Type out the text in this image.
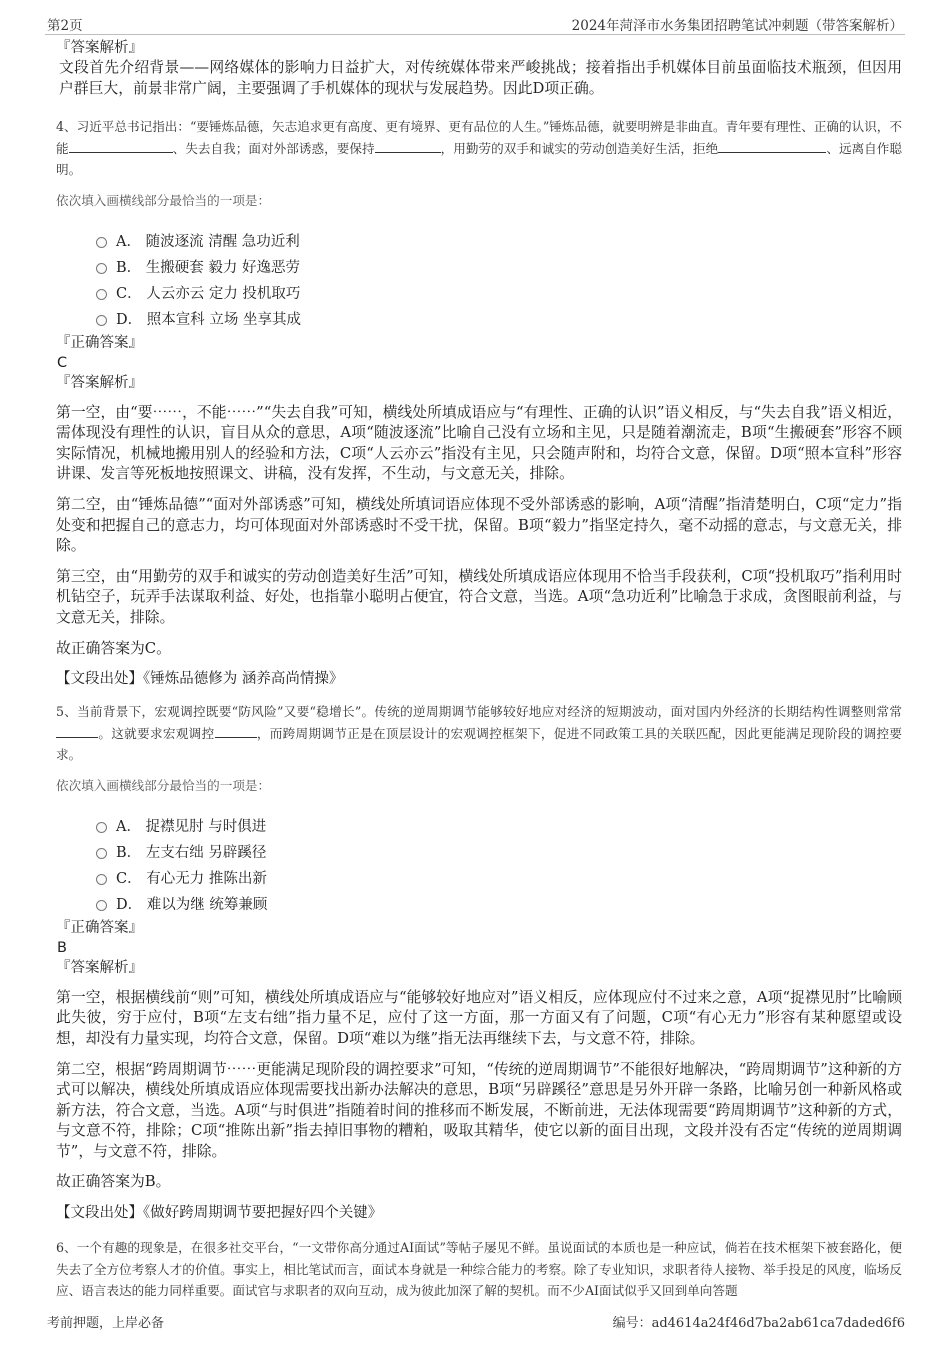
第2页	2024年菏泽市水务集团招聘笔试冲刺题（带答案解析）
『答案解析』

文段首先介绍背景——网络媒体的影响力日益扩大，对传统媒体带来严峻挑战；接着指出手机媒体目前虽面临技术瓶颈，但因用户群巨大，前景非常广阔，主要强调了手机媒体的现状与发展趋势。因此D项正确。

4、习近平总书记指出：“要锤炼品德，矢志追求更有高度、更有境界、更有品位的人生。”锤炼品德，就要明辨是非曲直。青年要有理性、正确的认识，不能	、失去自我；面对外部诱惑，要保持	，用勤劳的双手和诚实的劳动创造美好生活，拒绝	、远离自作聪明。

依次填入画横线部分最恰当的一项是：

A． 随波逐流 清醒 急功近利
B． 生搬硬套 毅力 好逸恶劳
C． 人云亦云 定力 投机取巧
D． 照本宣科 立场 坐享其成
『正确答案』
C
『答案解析』

第一空，由“要⋯⋯，不能⋯⋯”“失去自我”可知，横线处所填成语应与“有理性、正确的认识”语义相反，与“失去自我”语义相近，需体现没有理性的认识，盲目从众的意思，A项“随波逐流”比喻自己没有立场和主见，只是随着潮流走，B项“生搬硬套”形容不顾实际情况，机械地搬用别人的经验和方法，C项“人云亦云”指没有主见，只会随声附和，均符合文意，保留。D项“照本宣科”形容讲课、发言等死板地按照课文、讲稿，没有发挥，不生动，与文意无关，排除。

第二空，由“锤炼品德”“面对外部诱惑”可知，横线处所填词语应体现不受外部诱惑的影响，A项“清醒”指清楚明白，C项“定力”指处变和把握自己的意志力，均可体现面对外部诱惑时不受干扰，保留。B项“毅力”指坚定持久，毫不动摇的意志，与文意无关，排除。

第三空，由“用勤劳的双手和诚实的劳动创造美好生活”可知，横线处所填成语应体现用不恰当手段获利，C项“投机取巧”指利用时机钻空子，玩弄手法谋取利益、好处，也指靠小聪明占便宜，符合文意，当选。A项“急功近利”比喻急于求成，贪图眼前利益，与文意无关，排除。

故正确答案为C。

【文段出处】《锤炼品德修为 涵养高尚情操》

5、当前背景下，宏观调控既要“防风险”又要“稳增长”。传统的逆周期调节能够较好地应对经济的短期波动，面对国内外经济的长期结构性调整则常常。这就要求宏观调控	，而跨周期调节正是在顶层设计的宏观调控框架下，促进不同政策工具的关联匹配，因此更能满足现阶段的调控要求。

依次填入画横线部分最恰当的一项是：

A． 捉襟见肘 与时俱进
B． 左支右绌 另辟蹊径
C． 有心无力 推陈出新
D． 难以为继 统筹兼顾
『正确答案』
B
『答案解析』

第一空，根据横线前“则”可知，横线处所填成语应与“能够较好地应对”语义相反，应体现应付不过来之意，A项“捉襟见肘”比喻顾此失彼，穷于应付，B项“左支右绌”指力量不足，应付了这一方面，那一方面又有了问题，C项“有心无力”形容有某种愿望或设想，却没有力量实现，均符合文意，保留。D项“难以为继”指无法再继续下去，与文意不符，排除。

第二空，根据“跨周期调节⋯⋯更能满足现阶段的调控要求”可知，“传统的逆周期调节”不能很好地解决，“跨周期调节”这种新的方式可以解决，横线处所填成语应体现需要找出新办法解决的意思，B项“另辟蹊径”意思是另外开辟一条路，比喻另创一种新风格或新方法，符合文意，当选。A项“与时俱进”指随着时间的推移而不断发展，不断前进，无法体现需要“跨周期调节”这种新的方式，与文意不符，排除；C项“推陈出新”指去掉旧事物的糟粕，吸取其精华，使它以新的面目出现，文段并没有否定“传统的逆周期调节”，与文意不符，排除。

故正确答案为B。

【文段出处】《做好跨周期调节要把握好四个关键》

6、一个有趣的现象是，在很多社交平台，“一文带你高分通过AI面试”等帖子屡见不鲜。虽说面试的本质也是一种应试，倘若在技术框架下被套路化，便失去了全方位考察人才的价值。事实上，相比笔试而言，面试本身就是一种综合能力的考察。除了专业知识，求职者待人接物、举手投足的风度，临场反应、语言表达的能力同样重要。面试官与求职者的双向互动，成为彼此加深了解的契机。而不少AI面试似乎又回到单向答题

考前押题，上岸必备	编号：ad4614a24f46d7ba2ab61ca7daded6f6
